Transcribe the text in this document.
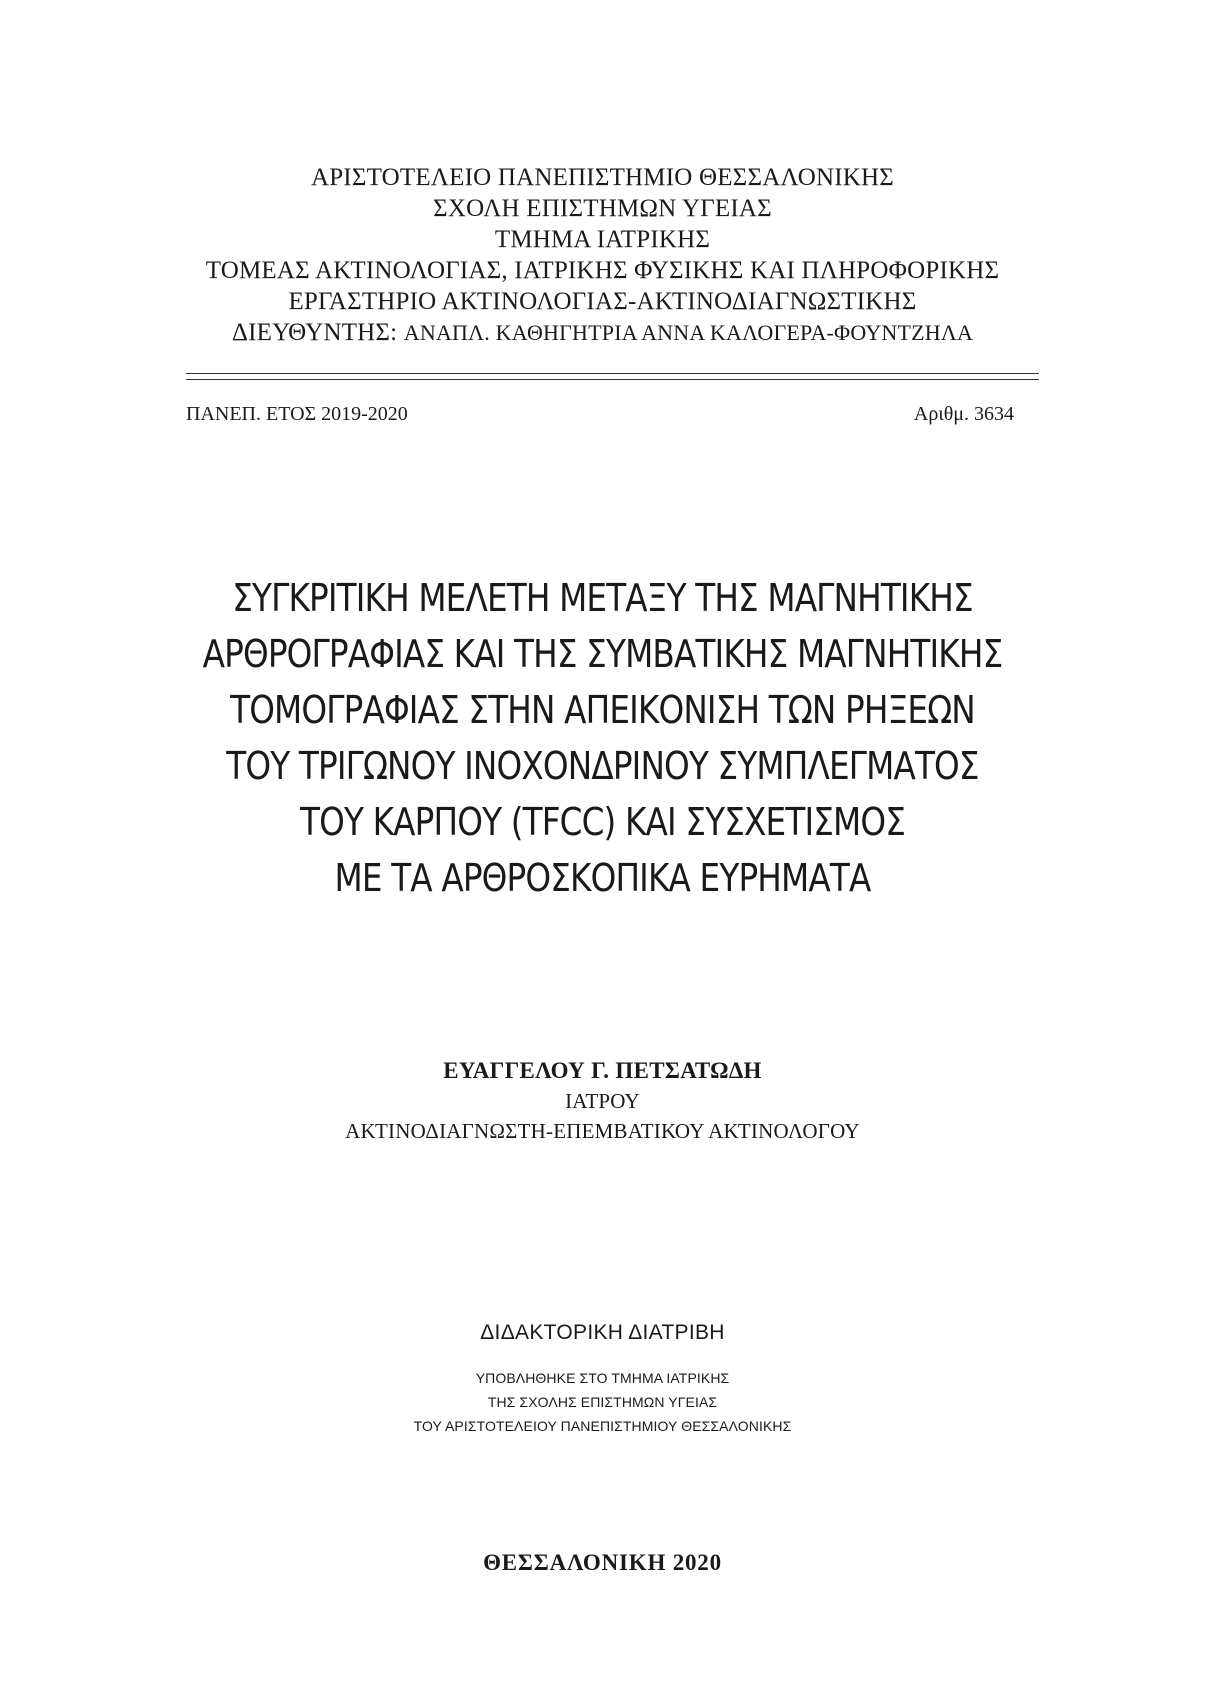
ΑΡΙΣΤΟΤΕΛΕΙΟ ΠΑΝΕΠΙΣΤΗΜΙΟ ΘΕΣΣΑΛΟΝΙΚΗΣ
ΣΧΟΛΗ ΕΠΙΣΤΗΜΩΝ ΥΓΕΙΑΣ
ΤΜΗΜΑ ΙΑΤΡΙΚΗΣ
ΤΟΜΕΑΣ ΑΚΤΙΝΟΛΟΓΙΑΣ, ΙΑΤΡΙΚΗΣ ΦΥΣΙΚΗΣ ΚΑΙ ΠΛΗΡΟΦΟΡΙΚΗΣ
ΕΡΓΑΣΤΗΡΙΟ ΑΚΤΙΝΟΛΟΓΙΑΣ-ΑΚΤΙΝΟΔΙΑΓΝΩΣΤΙΚΗΣ
ΔΙΕΥΘΥΝΤΗΣ: ΑΝΑΠΛ. ΚΑΘΗΓΗΤΡΙΑ ΑΝΝΑ ΚΑΛΟΓΕΡΑ-ΦΟΥΝΤΖΗΛΑ
ΠΑΝΕΠ. ΕΤΟΣ 2019-2020	Αριθμ. 3634
ΣΥΓΚΡΙΤΙΚΗ ΜΕΛΕΤΗ ΜΕΤΑΞΥ ΤΗΣ ΜΑΓΝΗΤΙΚΗΣ
ΑΡΘΡΟΓΡΑΦΙΑΣ ΚΑΙ ΤΗΣ ΣΥΜΒΑΤΙΚΗΣ ΜΑΓΝΗΤΙΚΗΣ
ΤΟΜΟΓΡΑΦΙΑΣ ΣΤΗΝ ΑΠΕΙΚΟΝΙΣΗ ΤΩΝ ΡΗΞΕΩΝ
ΤΟΥ ΤΡΙΓΩΝΟΥ ΙΝΟΧΟΝΔΡΙΝΟΥ ΣΥΜΠΛΕΓΜΑΤΟΣ
ΤΟΥ ΚΑΡΠΟΥ (TFCC) ΚΑΙ ΣΥΣΧΕΤΙΣΜΟΣ
ΜΕ ΤΑ ΑΡΘΡΟΣΚΟΠΙΚΑ ΕΥΡΗΜΑΤΑ
ΕΥΑΓΓΕΛΟΥ Γ. ΠΕΤΣΑΤΩΔΗ
ΙΑΤΡΟΥ
ΑΚΤΙΝΟΔΙΑΓΝΩΣΤΗ-ΕΠΕΜΒΑΤΙΚΟΥ ΑΚΤΙΝΟΛΟΓΟΥ
ΔΙΔΑΚΤΟΡΙΚΗ ΔΙΑΤΡΙΒΗ
ΥΠΟΒΛΗΘΗΚΕ ΣΤΟ ΤΜΗΜΑ ΙΑΤΡΙΚΗΣ
ΤΗΣ ΣΧΟΛΗΣ ΕΠΙΣΤΗΜΩΝ ΥΓΕΙΑΣ
ΤΟΥ ΑΡΙΣΤΟΤΕΛΕΙΟΥ ΠΑΝΕΠΙΣΤΗΜΙΟΥ ΘΕΣΣΑΛΟΝΙΚΗΣ
ΘΕΣΣΑΛΟΝΙΚΗ 2020
